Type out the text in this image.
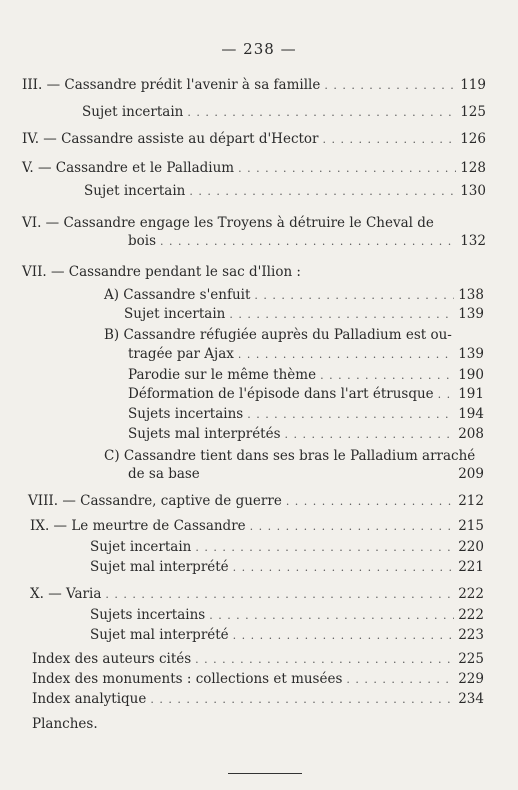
— 238 —
III. — Cassandre prédit l'avenir à sa famille . . .	119
Sujet incertain . . .	125
IV. — Cassandre assiste au départ d'Hector . . .	126
V. — Cassandre et le Palladium . . .	128
Sujet incertain . . .	130
VI. — Cassandre engage les Troyens à détruire le Cheval de
bois . . .	132
VII. — Cassandre pendant le sac d'Ilion :
A) Cassandre s'enfuit . . .	138
Sujet incertain . . .	139
B) Cassandre réfugiée auprès du Palladium est ou-
tragée par Ajax . . .	139
Parodie sur le même thème . . .	190
Déformation de l'épisode dans l'art étrusque . . . 191
Sujets incertains . . .	194
Sujets mal interprétés . . .	208
C) Cassandre tient dans ses bras le Palladium arraché
de sa base	209
VIII. — Cassandre, captive de guerre . . .	212
IX. — Le meurtre de Cassandre . . .	215
Sujet incertain . . .	220
Sujet mal interprété . . .	221
X. — Varia . . .	222
Sujets incertains . . .	222
Sujet mal interprété . . .	223
Index des auteurs cités . . .	225
Index des monuments : collections et musées . . .	229
Index analytique . . .	234
Planches.
